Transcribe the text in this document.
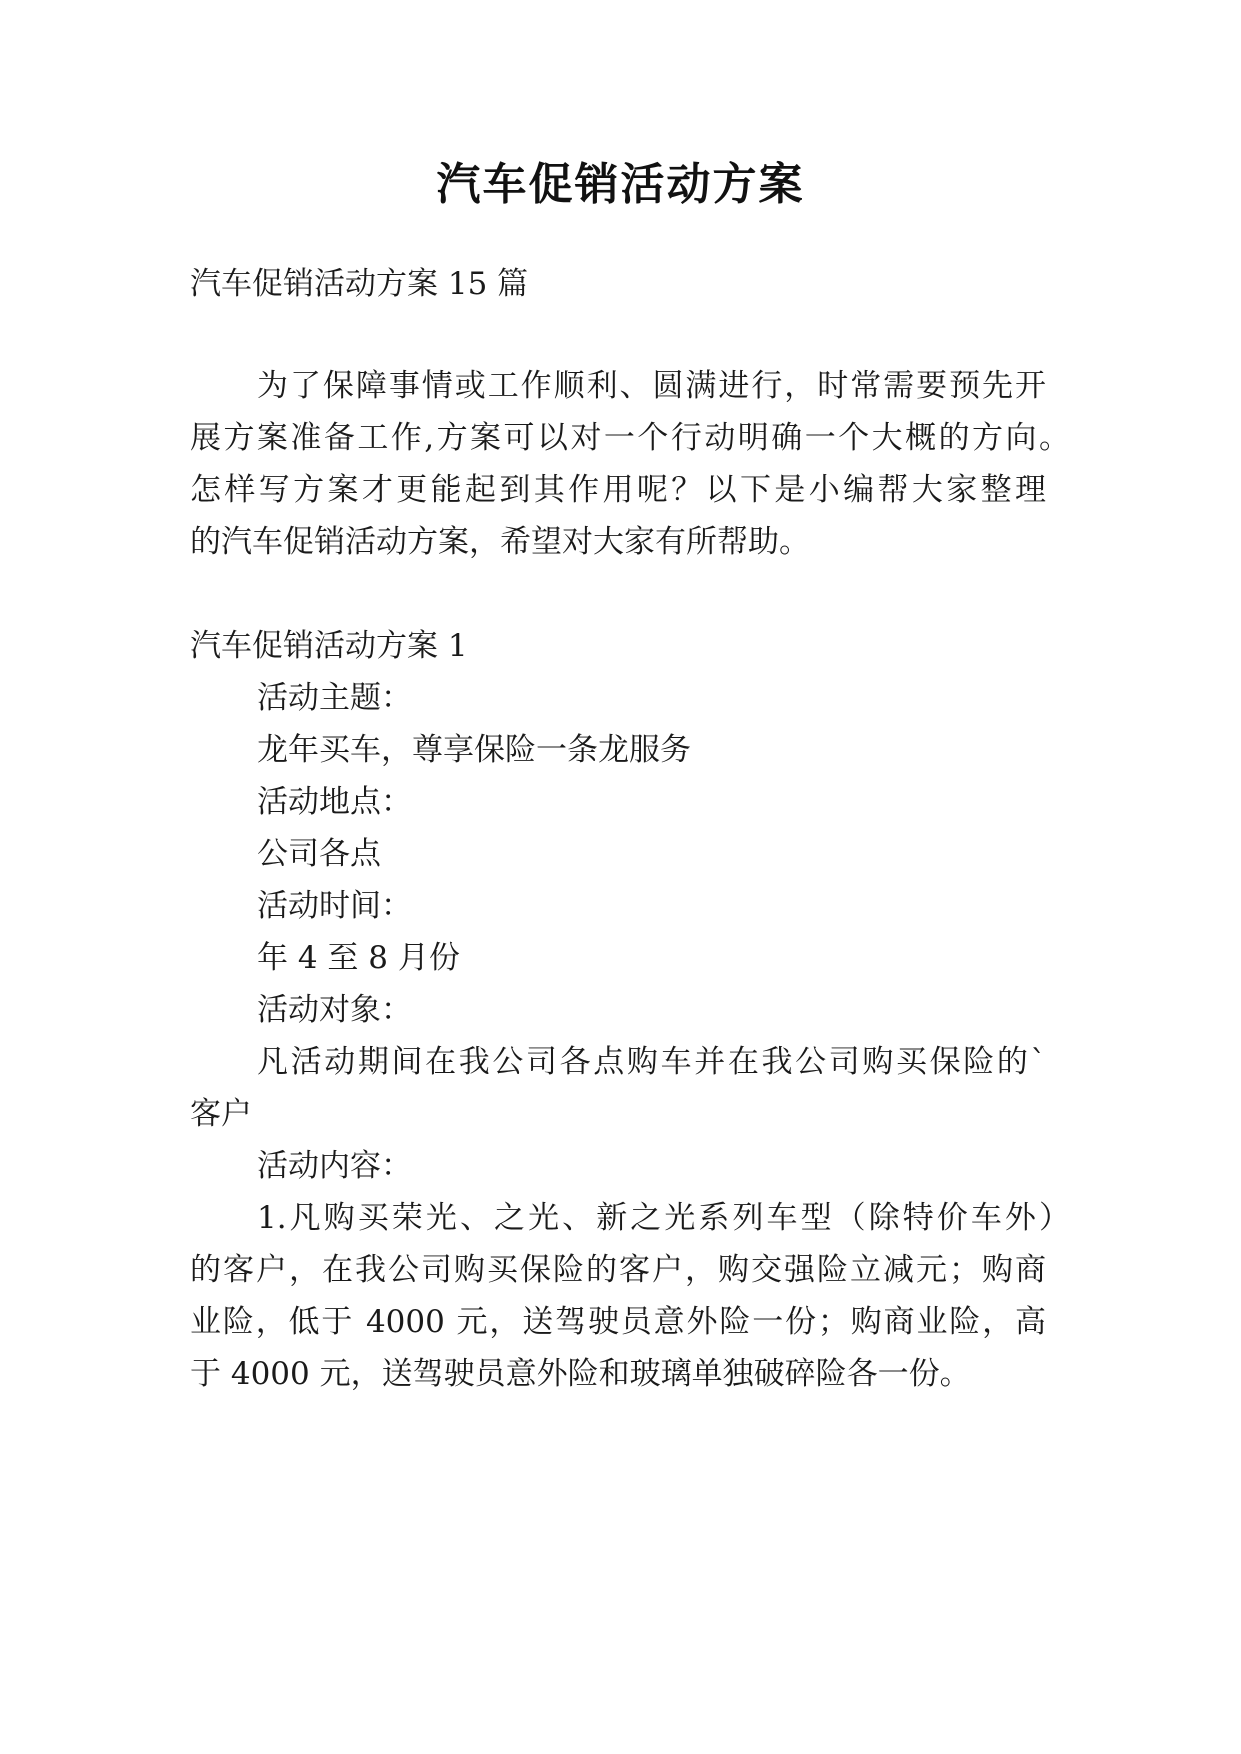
汽车促销活动方案
汽车促销活动方案 15 篇
为了保障事情或工作顺利、圆满进行，时常需要预先开
展方案准备工作,方案可以对一个行动明确一个大概的方向。
怎样写方案才更能起到其作用呢？以下是小编帮大家整理
的汽车促销活动方案，希望对大家有所帮助。
汽车促销活动方案 1
活动主题：
龙年买车，尊享保险一条龙服务
活动地点：
公司各点
活动时间：
年 4 至 8 月份
活动对象：
凡活动期间在我公司各点购车并在我公司购买保险的`
客户
活动内容：
1.凡购买荣光、之光、新之光系列车型（除特价车外）
的客户，在我公司购买保险的客户，购交强险立减元；购商
业险，低于 4000 元，送驾驶员意外险一份；购商业险，高
于 4000 元，送驾驶员意外险和玻璃单独破碎险各一份。
